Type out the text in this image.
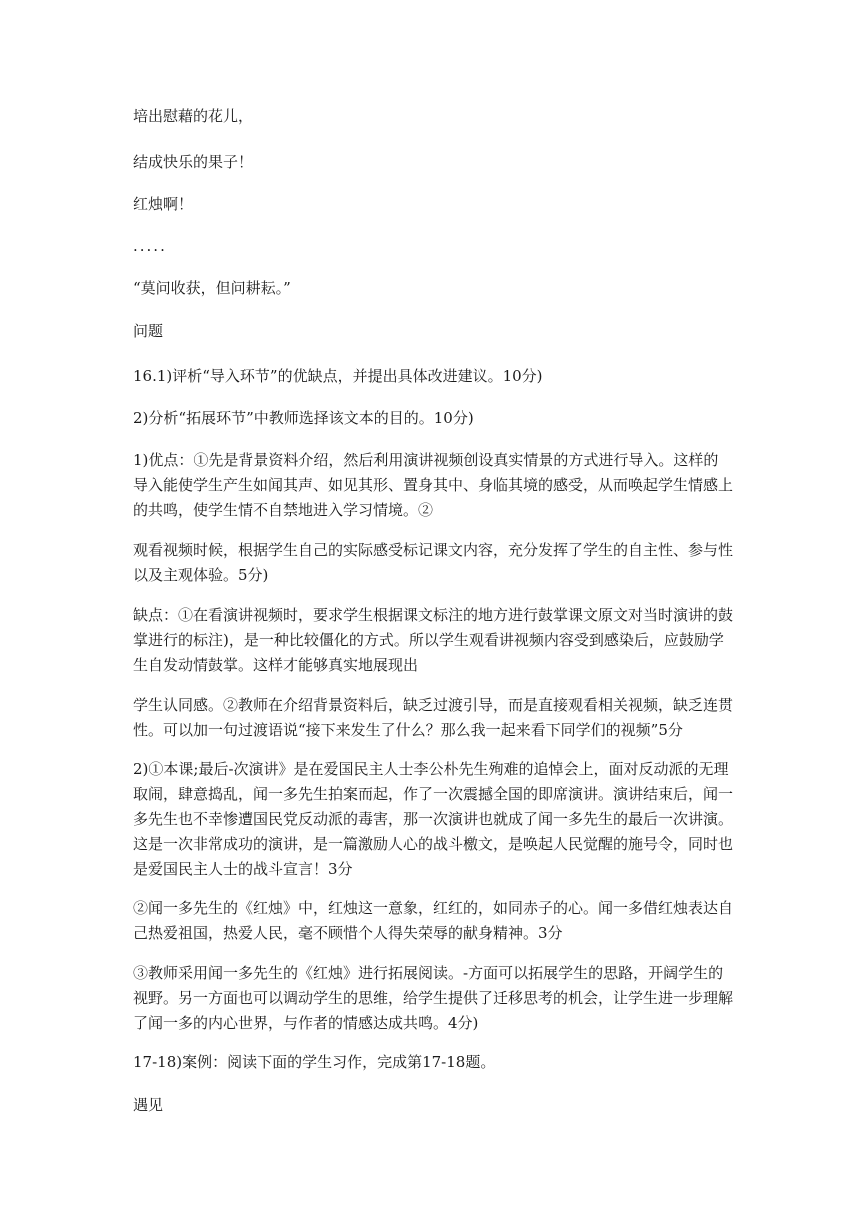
培出慰藉的花儿，

结成快乐的果子！

红烛啊！

.....

“莫问收获，但问耕耘。”

问题

16.1)评析“导入环节”的优缺点，并提出具体改进建议。10分)

2)分析“拓展环节”中教师选择该文本的目的。10分)

1)优点：①先是背景资料介绍，然后利用演讲视频创设真实情景的方式进行导入。这样的导入能使学生产生如闻其声、如见其形、置身其中、身临其境的感受，从而唤起学生情感上的共鸣，使学生情不自禁地进入学习情境。②

观看视频时候，根据学生自己的实际感受标记课文内容，充分发挥了学生的自主性、参与性以及主观体验。5分)

缺点：①在看演讲视频时，要求学生根据课文标注的地方进行鼓掌课文原文对当时演讲的鼓掌进行的标注)，是一种比较僵化的方式。所以学生观看讲视频内容受到感染后，应鼓励学生自发动情鼓掌。这样才能够真实地展现出

学生认同感。②教师在介绍背景资料后，缺乏过渡引导，而是直接观看相关视频，缺乏连贯性。可以加一句过渡语说“接下来发生了什么？那么我一起来看下同学们的视频”5分

2)①本课;最后-次演讲》是在爱国民主人士李公朴先生殉难的追悼会上，面对反动派的无理取闹，肆意捣乱，闻一多先生拍案而起，作了一次震撼全国的即席演讲。演讲结束后，闻一多先生也不幸惨遭国民党反动派的毒害，那一次演讲也就成了闻一多先生的最后一次讲演。这是一次非常成功的演讲，是一篇激励人心的战斗檄文，是唤起人民觉醒的施号令，同时也是爱国民主人士的战斗宣言！3分

②闻一多先生的《红烛》中，红烛这一意象，红红的，如同赤子的心。闻一多借红烛表达自己热爱祖国，热爱人民，毫不顾惜个人得失荣辱的献身精神。3分

③教师采用闻一多先生的《红烛》进行拓展阅读。-方面可以拓展学生的思路，开阔学生的视野。另一方面也可以调动学生的思维，给学生提供了迁移思考的机会，让学生进一步理解了闻一多的内心世界，与作者的情感达成共鸣。4分)

17-18)案例：阅读下面的学生习作，完成第17-18题。

遇见
